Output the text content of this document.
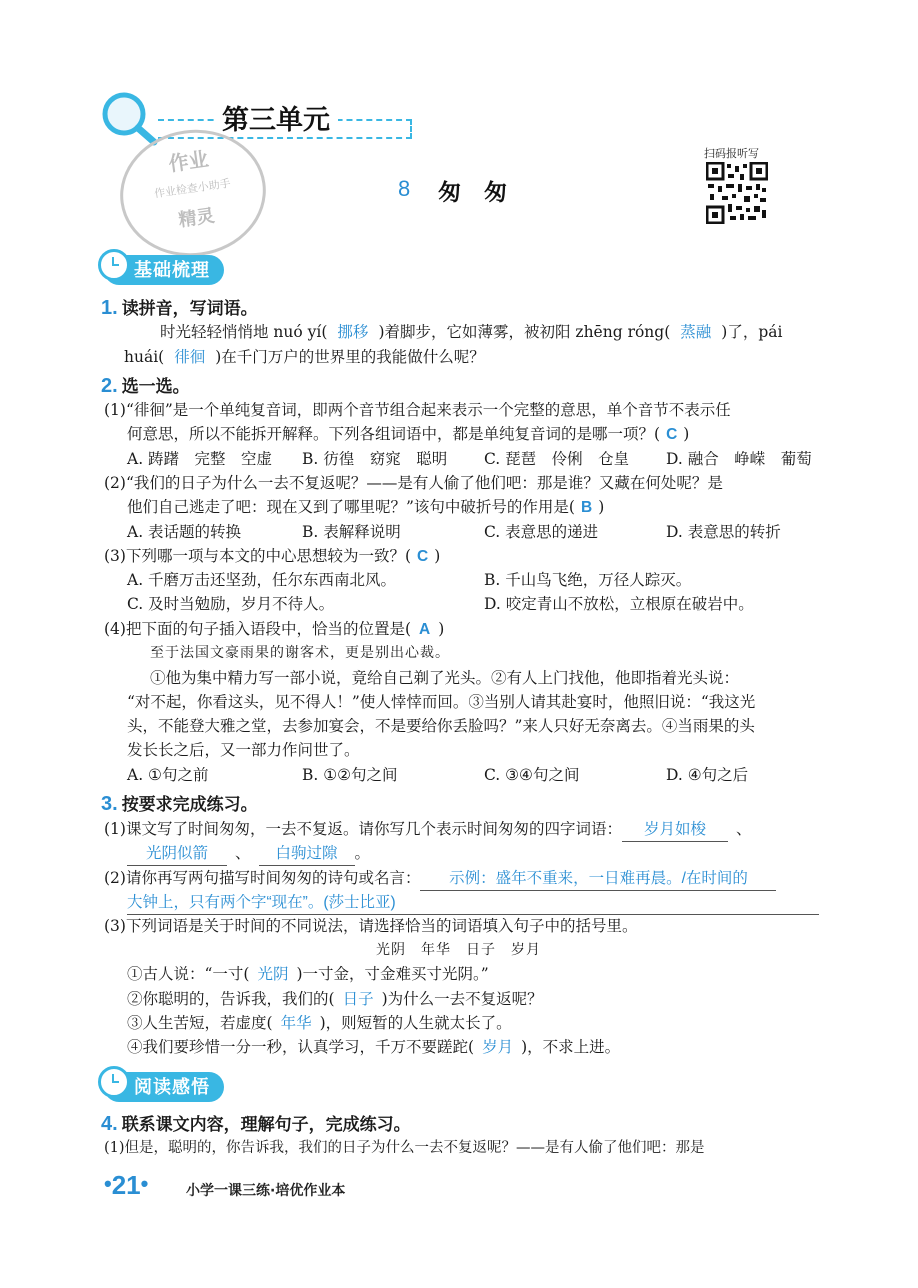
第三单元
作业
作业检查小助手
精灵
8 匆　匆
扫码报听写
基础梳理
1. 读拼音，写词语。
时光轻轻悄悄地 nuó yí( 挪移 )着脚步，它如薄雾，被初阳 zhēng róng( 蒸融 )了，pái
huái( 徘徊 )在千门万户的世界里的我能做什么呢？
2. 选一选。
(1)“徘徊”是一个单纯复音词，即两个音节组合起来表示一个完整的意思，单个音节不表示任
何意思，所以不能拆开解释。下列各组词语中，都是单纯复音词的是哪一项？( C )
A. 踌躇　完整　空虚 B. 彷徨　窈窕　聪明 C. 琵琶　伶俐　仓皇 D. 融合　峥嵘　葡萄
(2)“我们的日子为什么一去不复返呢？——是有人偷了他们吧：那是谁？又藏在何处呢？是
他们自己逃走了吧：现在又到了哪里呢？”该句中破折号的作用是( B )
A. 表话题的转换	B. 表解释说明	C. 表意思的递进	D. 表意思的转折
(3)下列哪一项与本文的中心思想较为一致？( C )
A. 千磨万击还坚劲，任尔东西南北风。	B. 千山鸟飞绝，万径人踪灭。
C. 及时当勉励，岁月不待人。	D. 咬定青山不放松，立根原在破岩中。
(4)把下面的句子插入语段中，恰当的位置是( A )
至于法国文豪雨果的谢客术，更是别出心裁。
①他为集中精力写一部小说，竟给自己剃了光头。②有人上门找他，他即指着光头说：
“对不起，你看这头，见不得人！”使人悻悻而回。③当别人请其赴宴时，他照旧说：“我这光
头，不能登大雅之堂，去参加宴会，不是要给你丢脸吗？”来人只好无奈离去。④当雨果的头
发长长之后，又一部力作问世了。
A. ①句之前	B. ①②句之间	C. ③④句之间	D. ④句之后
3. 按要求完成练习。
(1)课文写了时间匆匆，一去不复返。请你写几个表示时间匆匆的四字词语： 岁月如梭 、
光阴似箭 、 白驹过隙 。
(2)请你再写两句描写时间匆匆的诗句或名言： 示例：盛年不重来，一日难再晨。/在时间的
大钟上，只有两个字“现在”。(莎士比亚)
(3)下列词语是关于时间的不同说法，请选择恰当的词语填入句子中的括号里。
光阴　年华　日子　岁月
①古人说：“一寸( 光阴 )一寸金，寸金难买寸光阴。”
②你聪明的，告诉我，我们的( 日子 )为什么一去不复返呢？
③人生苦短，若虚度( 年华 )，则短暂的人生就太长了。
④我们要珍惜一分一秒，认真学习，千万不要蹉跎( 岁月 )，不求上进。
阅读感悟
4. 联系课文内容，理解句子，完成练习。
(1)但是，聪明的，你告诉我，我们的日子为什么一去不复返呢？——是有人偷了他们吧：那是
•21•	小学一课三练·培优作业本
